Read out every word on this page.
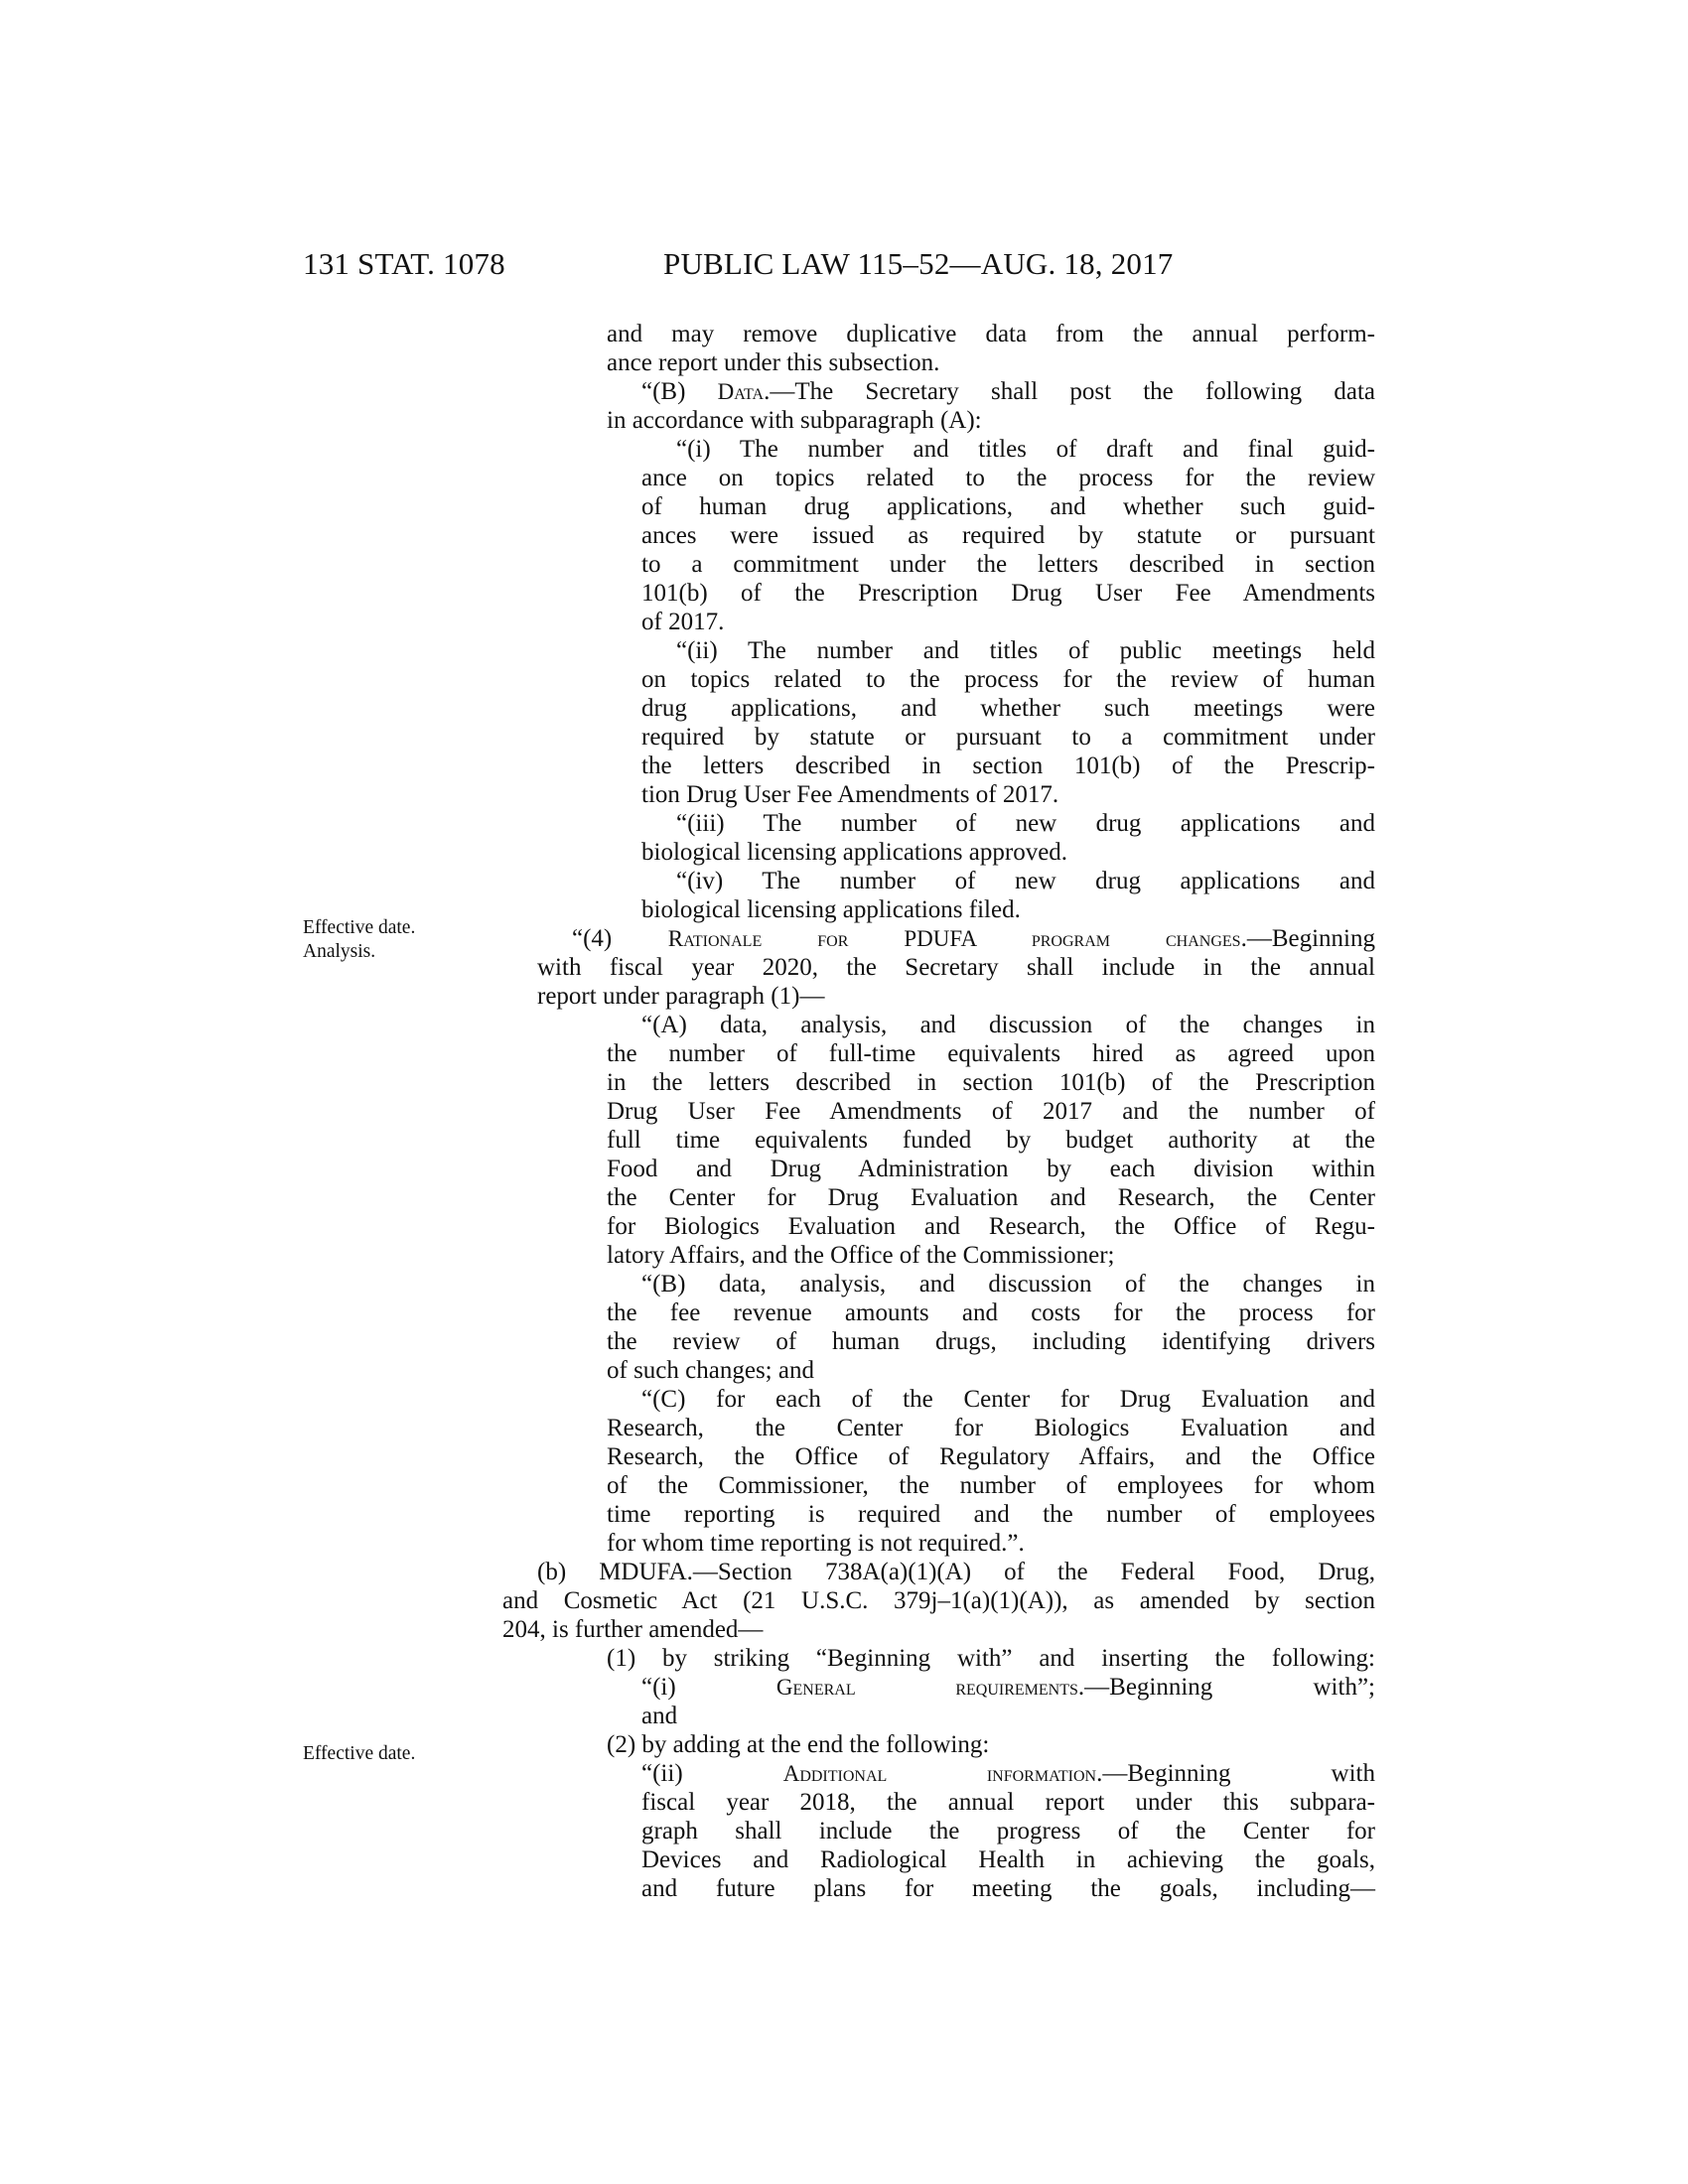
131 STAT. 1078	PUBLIC LAW 115–52—AUG. 18, 2017
Effective date.
Analysis.
Effective date.
and may remove duplicative data from the annual perform-
ance report under this subsection.
“(B) Data.—The Secretary shall post the following data
in accordance with subparagraph (A):
“(i) The number and titles of draft and final guid-
ance on topics related to the process for the review
of human drug applications, and whether such guid-
ances were issued as required by statute or pursuant
to a commitment under the letters described in section
101(b) of the Prescription Drug User Fee Amendments
of 2017.
“(ii) The number and titles of public meetings held
on topics related to the process for the review of human
drug applications, and whether such meetings were
required by statute or pursuant to a commitment under
the letters described in section 101(b) of the Prescrip-
tion Drug User Fee Amendments of 2017.
“(iii) The number of new drug applications and
biological licensing applications approved.
“(iv) The number of new drug applications and
biological licensing applications filed.
“(4) Rationale for PDUFA program changes.—Beginning
with fiscal year 2020, the Secretary shall include in the annual
report under paragraph (1)—
“(A) data, analysis, and discussion of the changes in
the number of full-time equivalents hired as agreed upon
in the letters described in section 101(b) of the Prescription
Drug User Fee Amendments of 2017 and the number of
full time equivalents funded by budget authority at the
Food and Drug Administration by each division within
the Center for Drug Evaluation and Research, the Center
for Biologics Evaluation and Research, the Office of Regu-
latory Affairs, and the Office of the Commissioner;
“(B) data, analysis, and discussion of the changes in
the fee revenue amounts and costs for the process for
the review of human drugs, including identifying drivers
of such changes; and
“(C) for each of the Center for Drug Evaluation and
Research, the Center for Biologics Evaluation and
Research, the Office of Regulatory Affairs, and the Office
of the Commissioner, the number of employees for whom
time reporting is required and the number of employees
for whom time reporting is not required.”.
(b) MDUFA.—Section 738A(a)(1)(A) of the Federal Food, Drug,
and Cosmetic Act (21 U.S.C. 379j–1(a)(1)(A)), as amended by section
204, is further amended—
(1) by striking “Beginning with” and inserting the following:
“(i) General requirements.—Beginning with”;
and
(2) by adding at the end the following:
“(ii) Additional information.—Beginning with
fiscal year 2018, the annual report under this subpara-
graph shall include the progress of the Center for
Devices and Radiological Health in achieving the goals,
and future plans for meeting the goals, including—
